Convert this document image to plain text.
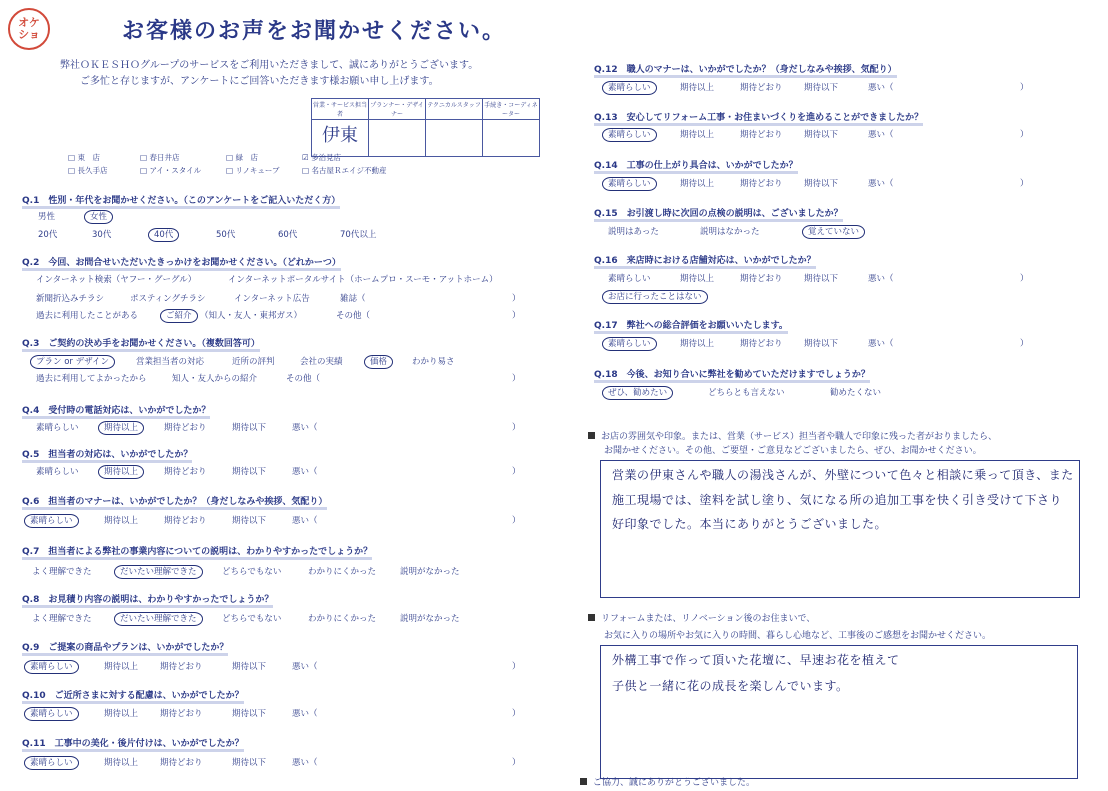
オケ
ショ	お客様のお声をお聞かせください。
弊社ＯＫＥＳＨＯグループのサービスをご利用いただきまして、誠にありがとうございます。
ご多忙と存じますが、アンケートにご回答いただきます様お願い申し上げます。
営業・サービス担当者	プランナー・デザイナー	テクニカルスタッフ	手続き・コーディネーター
伊東			
□ 東　店	□ 春日井店	□ 緑　店	☑ 多治見店
□ 長久手店	□ アイ・スタイル	□ リノキューブ	□ 名古屋Ｒエイジ不動産
Q.1　性別・年代をお聞かせください。（このアンケートをご記入いただく方）
男性	女性
20代	30代	40代	50代	60代	70代以上
Q.2　今回、お問合せいただいたきっかけをお聞かせください。（どれかーつ）
インターネット検索（ヤフー・グーグル）	インターネットポータルサイト（ホームプロ・スーモ・アットホーム）
新聞折込みチラシ	ポスティングチラシ	インターネット広告	雑誌（	）
過去に利用したことがある	ご紹介 （知人・友人・東邦ガス）	その他（	）
Q.3　ご契約の決め手をお聞かせください。（複数回答可）
プラン or デザイン	営業担当者の対応	近所の評判	会社の実績	価格	わかり易さ
過去に利用してよかったから	知人・友人からの紹介	その他（	）
Q.4　受付時の電話対応は、いかがでしたか？
素晴らしい	期待以上	期待どおり	期待以下	悪い（	）
Q.5　担当者の対応は、いかがでしたか？
素晴らしい	期待以上	期待どおり	期待以下	悪い（	）
Q.6　担当者のマナーは、いかがでしたか？（身だしなみや挨拶、気配り）
素晴らしい	期待以上	期待どおり	期待以下	悪い（	）
Q.7　担当者による弊社の事業内容についての説明は、わかりやすかったでしょうか？
よく理解できた	だいたい理解できた	どちらでもない	わかりにくかった	説明がなかった
Q.8　お見積り内容の説明は、わかりやすかったでしょうか？
よく理解できた	だいたい理解できた	どちらでもない	わかりにくかった	説明がなかった
Q.9　ご提案の商品やプランは、いかがでしたか？
素晴らしい	期待以上	期待どおり	期待以下	悪い（	）
Q.10　ご近所さまに対する配慮は、いかがでしたか？
素晴らしい	期待以上	期待どおり	期待以下	悪い（	）
Q.11　工事中の美化・後片付けは、いかがでしたか？
素晴らしい	期待以上	期待どおり	期待以下	悪い（	）
Q.12　職人のマナーは、いかがでしたか？（身だしなみや挨拶、気配り）
素晴らしい	期待以上	期待どおり	期待以下	悪い（	）
Q.13　安心してリフォーム工事・お住まいづくりを進めることができましたか？
素晴らしい	期待以上	期待どおり	期待以下	悪い（	）
Q.14　工事の仕上がり具合は、いかがでしたか？
素晴らしい	期待以上	期待どおり	期待以下	悪い（	）
Q.15　お引渡し時に次回の点検の説明は、ございましたか？
説明はあった	説明はなかった	覚えていない
Q.16　来店時における店舗対応は、いかがでしたか？
素晴らしい	期待以上	期待どおり	期待以下	悪い（	）
お店に行ったことはない
Q.17　弊社への総合評価をお願いいたします。
素晴らしい	期待以上	期待どおり	期待以下	悪い（	）
Q.18　今後、お知り合いに弊社を勧めていただけますでしょうか？
ぜひ、勧めたい	どちらとも言えない	勧めたくない
お店の雰囲気や印象。または、営業（サービス）担当者や職人で印象に残った者がおりましたら、
お聞かせください。その他、ご要望・ご意見などございましたら、ぜひ、お聞かせください。
営業の伊東さんや職人の湯浅さんが、外壁について色々と相談に乗って頂き、また
施工現場では、塗料を試し塗り、気になる所の追加工事を快く引き受けて下さり
好印象でした。本当にありがとうございました。
リフォームまたは、リノベーション後のお住まいで、
お気に入りの場所やお気に入りの時間、暮らし心地など、工事後のご感想をお聞かせください。
外構工事で作って頂いた花壇に、早速お花を植えて
子供と一緒に花の成長を楽しんでいます。
ご協力、誠にありがとうございました。
